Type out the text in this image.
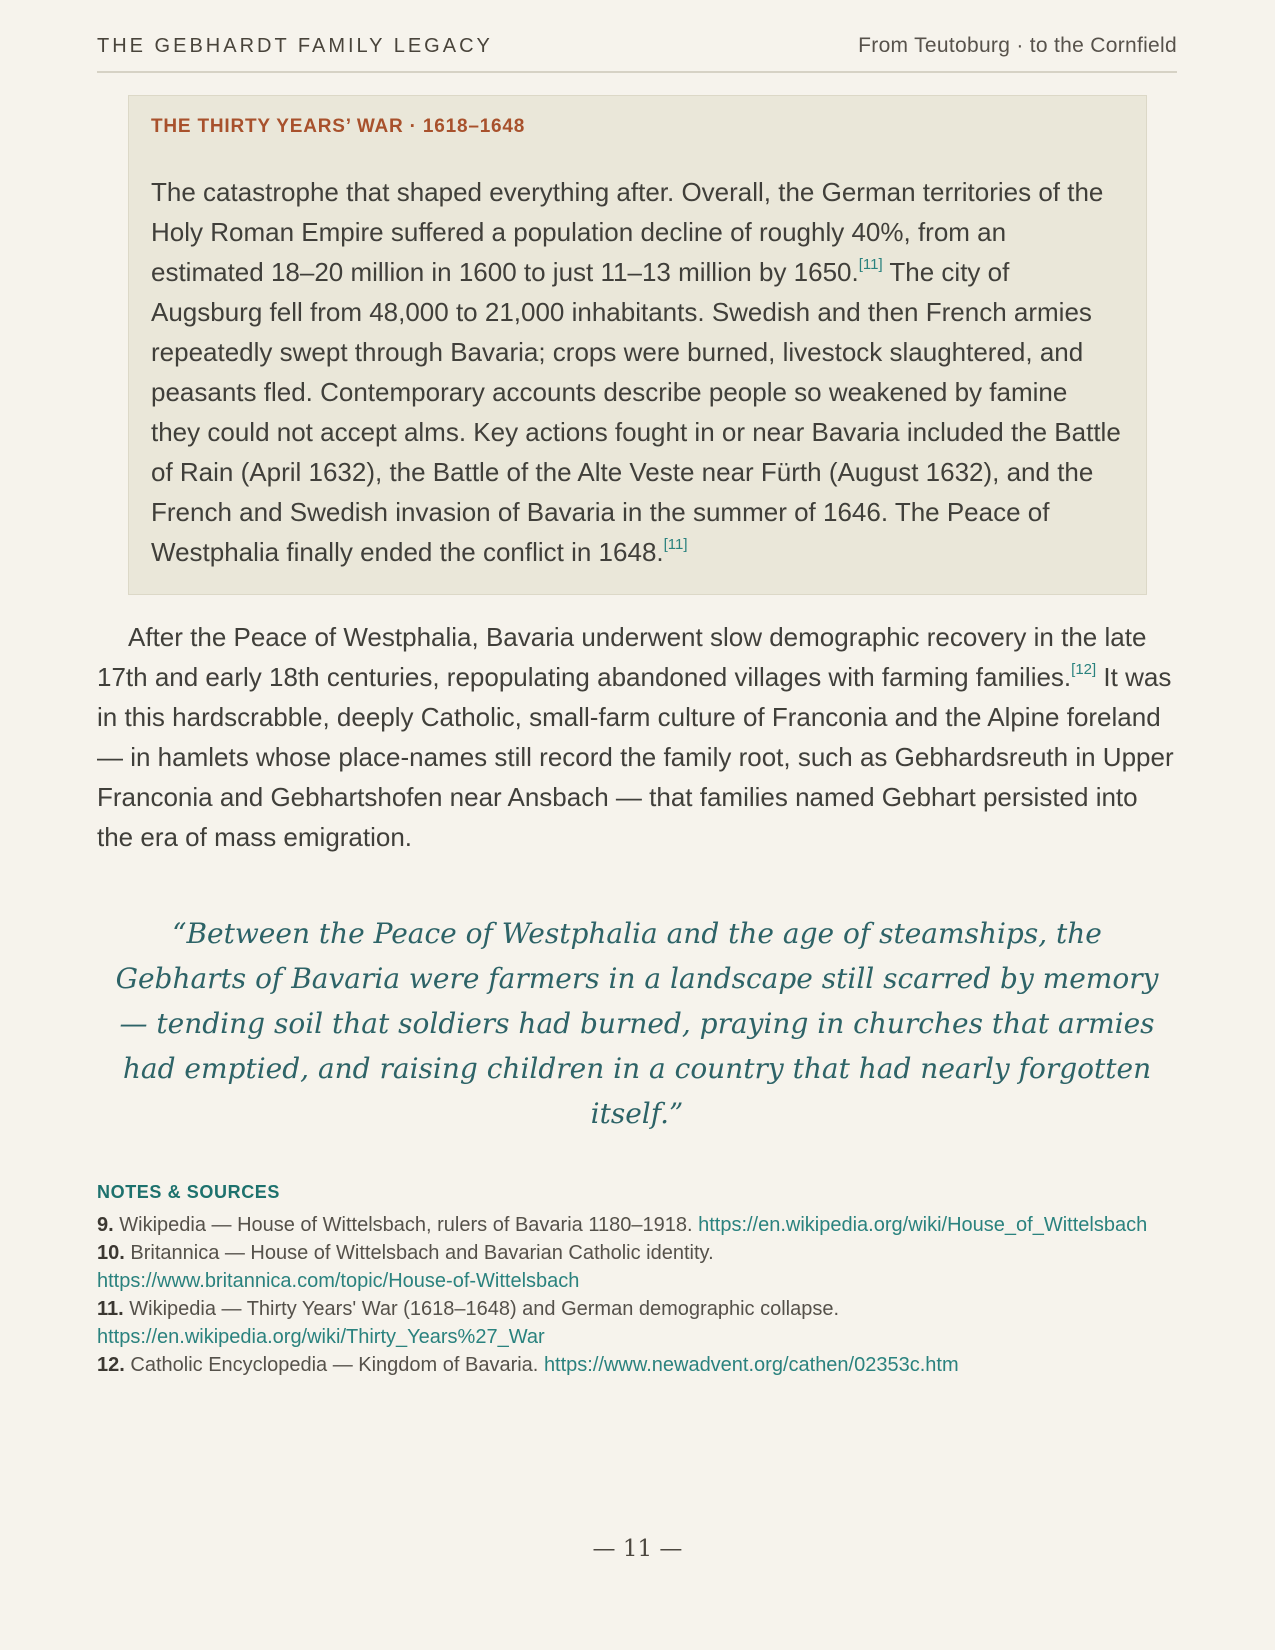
THE GEBHARDT FAMILY LEGACY	From Teutoburg · to the Cornfield

THE THIRTY YEARS’ WAR · 1618–1648

The catastrophe that shaped everything after. Overall, the German territories of the Holy Roman Empire suffered a population decline of roughly 40%, from an estimated 18–20 million in 1600 to just 11–13 million by 1650.[11] The city of Augsburg fell from 48,000 to 21,000 inhabitants. Swedish and then French armies repeatedly swept through Bavaria; crops were burned, livestock slaughtered, and peasants fled. Contemporary accounts describe people so weakened by famine they could not accept alms. Key actions fought in or near Bavaria included the Battle of Rain (April 1632), the Battle of the Alte Veste near Fürth (August 1632), and the French and Swedish invasion of Bavaria in the summer of 1646. The Peace of Westphalia finally ended the conflict in 1648.[11]

After the Peace of Westphalia, Bavaria underwent slow demographic recovery in the late 17th and early 18th centuries, repopulating abandoned villages with farming families.[12] It was in this hardscrabble, deeply Catholic, small-farm culture of Franconia and the Alpine foreland — in hamlets whose place-names still record the family root, such as Gebhardsreuth in Upper Franconia and Gebhartshofen near Ansbach — that families named Gebhart persisted into the era of mass emigration.

“Between the Peace of Westphalia and the age of steamships, the Gebharts of Bavaria were farmers in a landscape still scarred by memory — tending soil that soldiers had burned, praying in churches that armies had emptied, and raising children in a country that had nearly forgotten itself.”

NOTES & SOURCES

9. Wikipedia — House of Wittelsbach, rulers of Bavaria 1180–1918. https://en.wikipedia.org/wiki/House_of_Wittelsbach

10. Britannica — House of Wittelsbach and Bavarian Catholic identity.
https://www.britannica.com/topic/House-of-Wittelsbach

11. Wikipedia — Thirty Years' War (1618–1648) and German demographic collapse.
https://en.wikipedia.org/wiki/Thirty_Years%27_War

12. Catholic Encyclopedia — Kingdom of Bavaria. https://www.newadvent.org/cathen/02353c.htm

— 11 —
